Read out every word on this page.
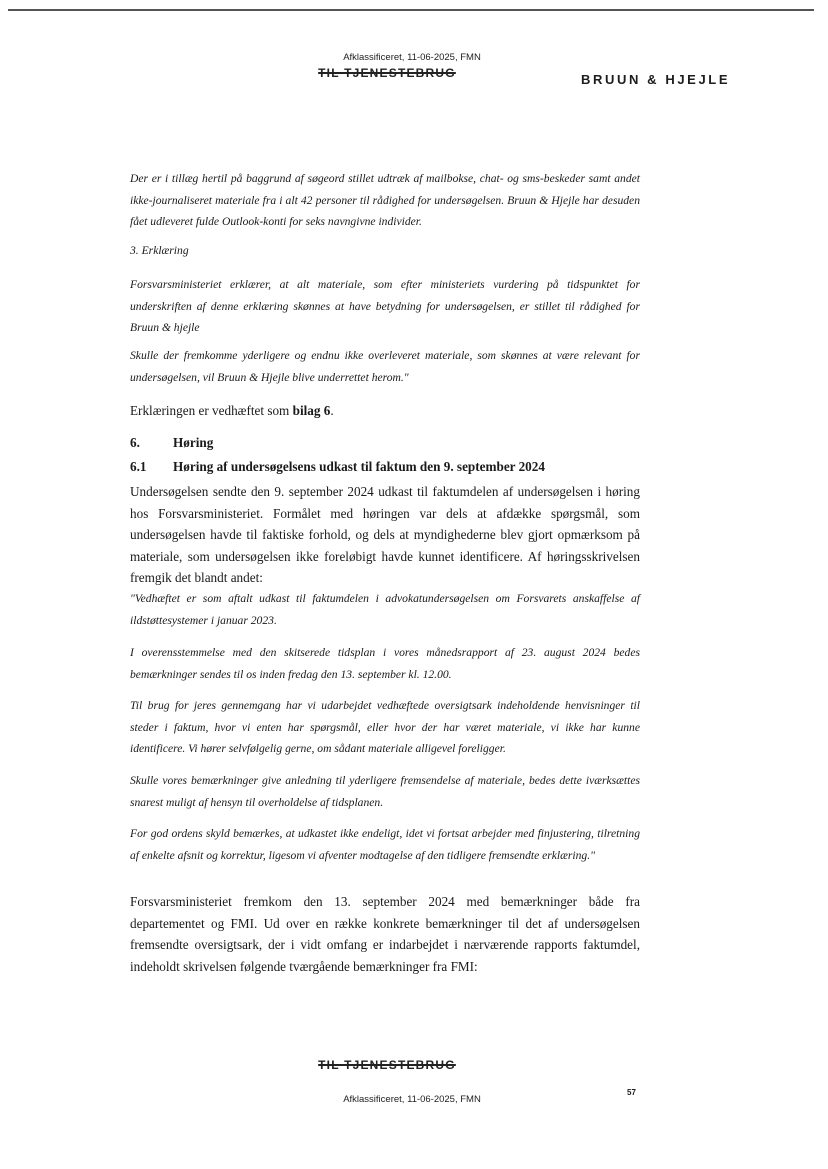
Afklassificeret, 11-06-2025, FMN
TIL TJENESTEBRUG	BRUUN & HJEJLE

Der er i tillæg hertil på baggrund af søgeord stillet udtræk af mailbokse, chat- og sms-beskeder samt andet ikke-journaliseret materiale fra i alt 42 personer til rådighed for undersøgelsen. Bruun & Hjejle har desuden fået udleveret fulde Outlook-konti for seks navngivne individer.

3. Erklæring

Forsvarsministeriet erklærer, at alt materiale, som efter ministeriets vurdering på tidspunktet for underskriften af denne erklæring skønnes at have betydning for undersøgelsen, er stillet til rådighed for Bruun & hjejle

Skulle der fremkomme yderligere og endnu ikke overleveret materiale, som skønnes at være relevant for undersøgelsen, vil Bruun & Hjejle blive underrettet herom."

Erklæringen er vedhæftet som bilag 6.

6.	Høring

6.1 Høring af undersøgelsens udkast til faktum den 9. september 2024

Undersøgelsen sendte den 9. september 2024 udkast til faktumdelen af undersøgelsen i høring hos Forsvarsministeriet. Formålet med høringen var dels at afdække spørgsmål, som undersøgelsen havde til faktiske forhold, og dels at myndighederne blev gjort opmærksom på materiale, som undersøgelsen ikke foreløbigt havde kunnet identificere. Af høringsskrivelsen fremgik det blandt andet:

"Vedhæftet er som aftalt udkast til faktumdelen i advokatundersøgelsen om Forsvarets anskaffelse af ildstøttesystemer i januar 2023.

I overensstemmelse med den skitserede tidsplan i vores månedsrapport af 23. august 2024 bedes bemærkninger sendes til os inden fredag den 13. september kl. 12.00.

Til brug for jeres gennemgang har vi udarbejdet vedhæftede oversigtsark indeholdende henvisninger til steder i faktum, hvor vi enten har spørgsmål, eller hvor der har været materiale, vi ikke har kunne identificere. Vi hører selvfølgelig gerne, om sådant materiale alligevel foreligger.

Skulle vores bemærkninger give anledning til yderligere fremsendelse af materiale, bedes dette iværksættes snarest muligt af hensyn til overholdelse af tidsplanen.

For god ordens skyld bemærkes, at udkastet ikke endeligt, idet vi fortsat arbejder med finjustering, tilretning af enkelte afsnit og korrektur, ligesom vi afventer modtagelse af den tidligere fremsendte erklæring."

Forsvarsministeriet fremkom den 13. september 2024 med bemærkninger både fra departementet og FMI. Ud over en række konkrete bemærkninger til det af undersøgelsen fremsendte oversigtsark, der i vidt omfang er indarbejdet i nærværende rapports faktumdel, indeholdt skrivelsen følgende tværgående bemærkninger fra FMI:

TIL TJENESTEBRUG
Afklassificeret, 11-06-2025, FMN
57
